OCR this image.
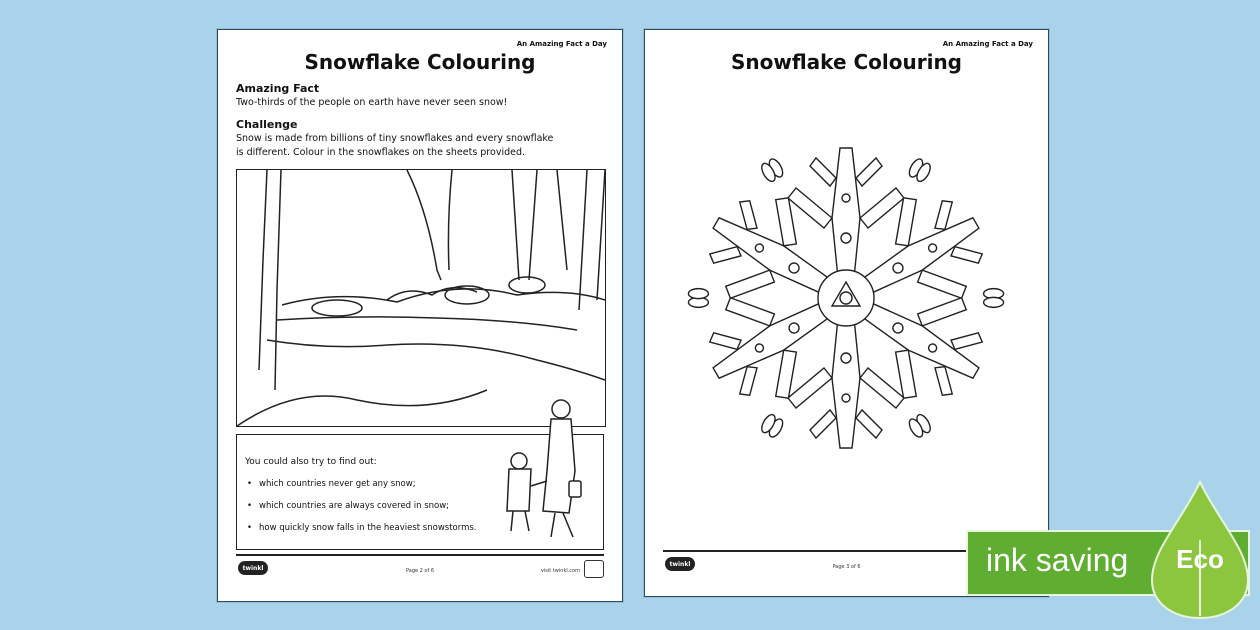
An Amazing Fact a Day
Snowflake Colouring
Amazing Fact
Two-thirds of the people on earth have never seen snow!
Challenge
Snow is made from billions of tiny snowflakes and every snowflake
is different. Colour in the snowflakes on the sheets provided.
You could also try to find out:
• which countries never get any snow;
• which countries are always covered in snow;
• how quickly snow falls in the heaviest snowstorms.
twinkl	Page 2 of 6	visit twinkl.com
An Amazing Fact a Day
Snowflake Colouring
twinkl	Page 3 of 6	ink saving	Eco
